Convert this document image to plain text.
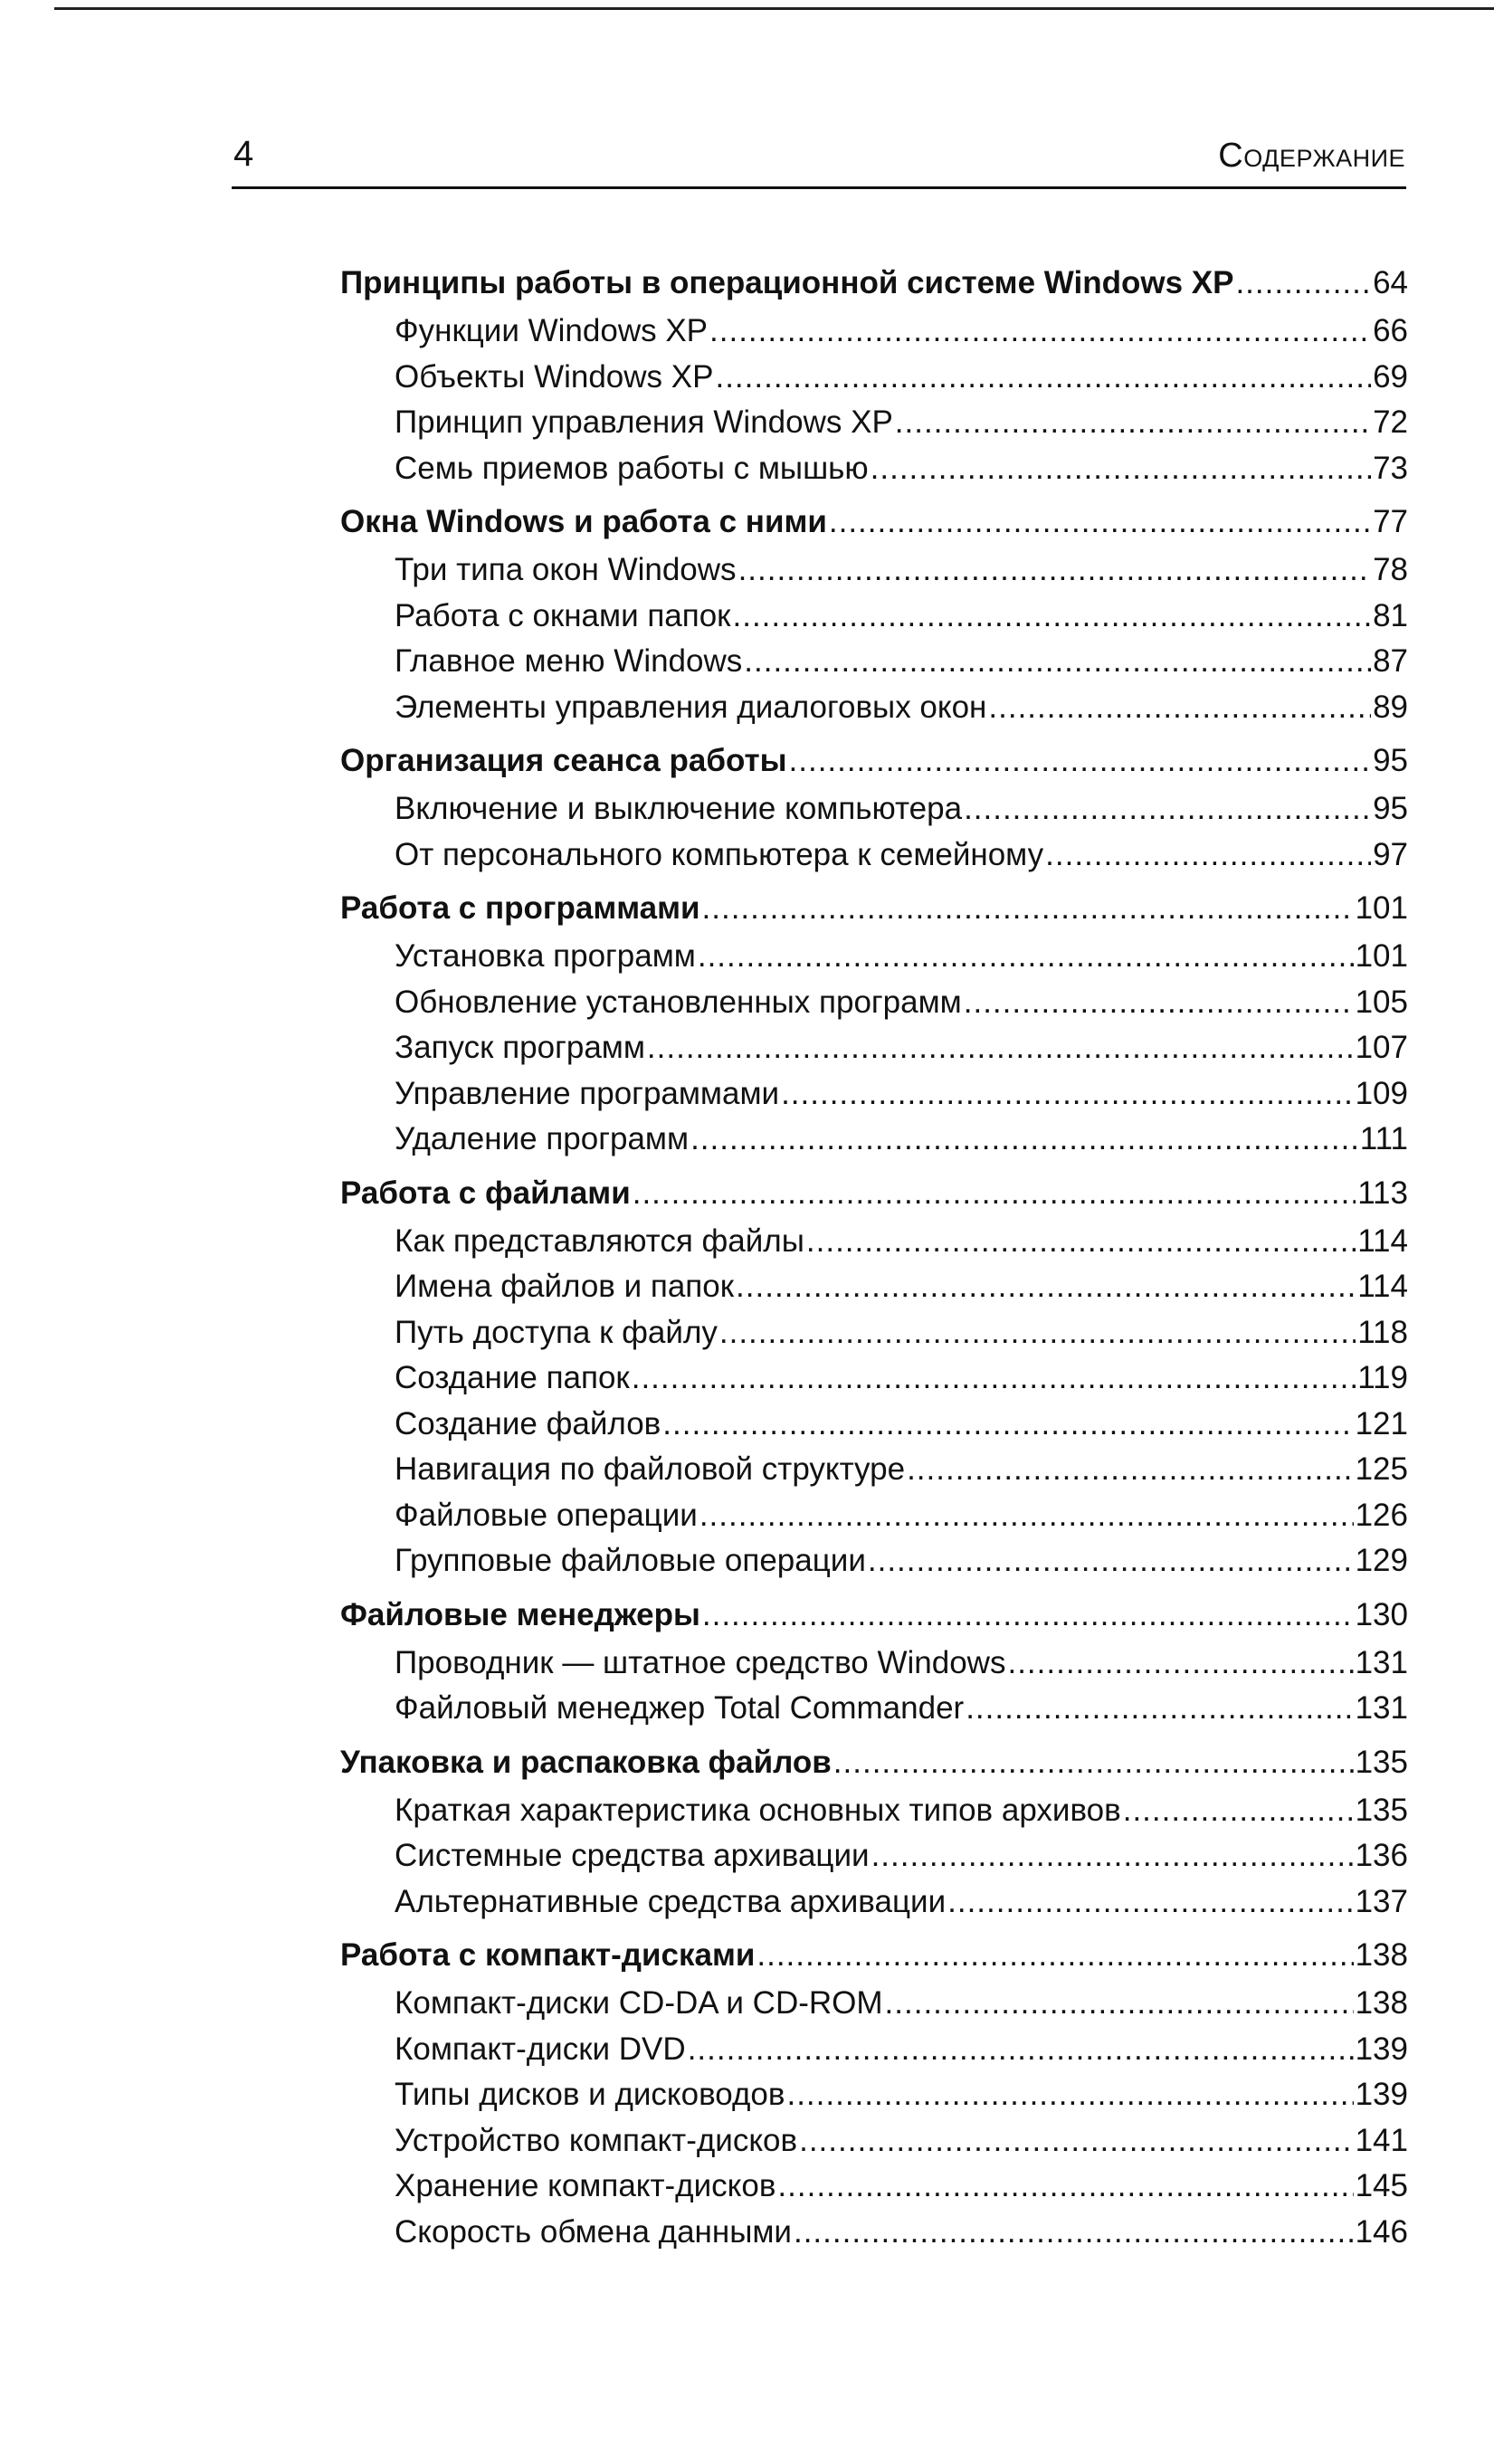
4	Содержание
Принципы работы в операционной системе Windows XP .....	64
Функции Windows XP .....	66
Объекты Windows XP .....	69
Принцип управления Windows XP .....	72
Семь приемов работы с мышью .....	73
Окна Windows и работа с ними .....	77
Три типа окон Windows .....	78
Работа с окнами папок .....	81
Главное меню Windows .....	87
Элементы управления диалоговых окон .....	89
Организация сеанса работы .....	95
Включение и выключение компьютера .....	95
От персонального компьютера к семейному .....	97
Работа с программами .....	101
Установка программ .....	101
Обновление установленных программ .....	105
Запуск программ .....	107
Управление программами .....	109
Удаление программ .....	111
Работа с файлами .....	113
Как представляются файлы .....	114
Имена файлов и папок .....	114
Путь доступа к файлу .....	118
Создание папок .....	119
Создание файлов .....	121
Навигация по файловой структуре .....	125
Файловые операции .....	126
Групповые файловые операции .....	129
Файловые менеджеры .....	130
Проводник — штатное средство Windows .....	131
Файловый менеджер Total Commander .....	131
Упаковка и распаковка файлов .....	135
Краткая характеристика основных типов архивов .....	135
Системные средства архивации .....	136
Альтернативные средства архивации .....	137
Работа с компакт-дисками .....	138
Компакт-диски CD-DA и CD-ROM .....	138
Компакт-диски DVD .....	139
Типы дисков и дисководов .....	139
Устройство компакт-дисков .....	141
Хранение компакт-дисков .....	145
Скорость обмена данными .....	146
